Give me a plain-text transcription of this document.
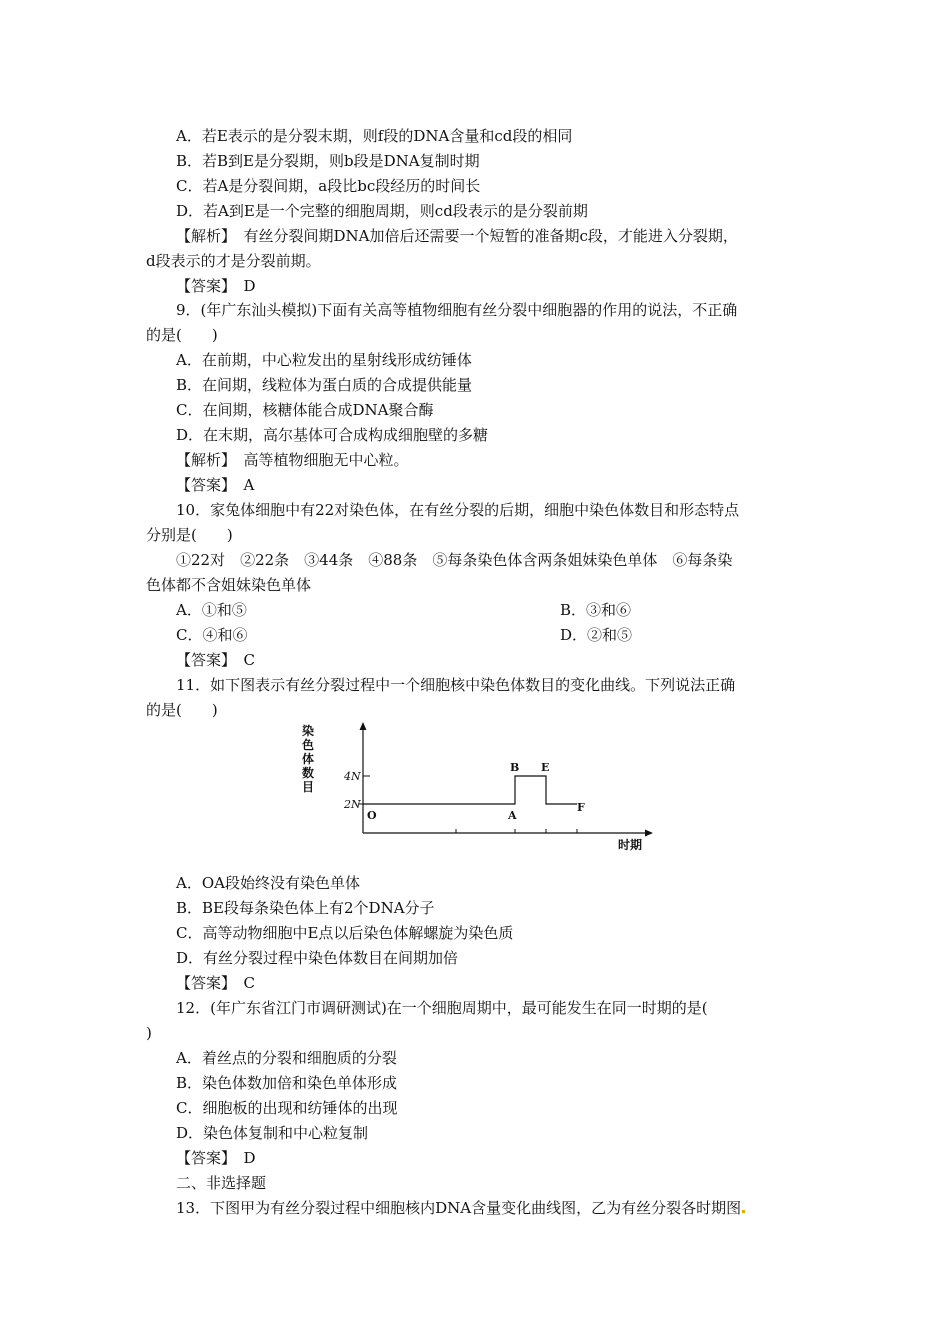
A．若E表示的是分裂末期，则f段的DNA含量和cd段的相同
B．若B到E是分裂期，则b段是DNA复制时期
C．若A是分裂间期，a段比bc段经历的时间长
D．若A到E是一个完整的细胞周期，则cd段表示的是分裂前期
【解析】　有丝分裂间期DNA加倍后还需要一个短暂的准备期c段，才能进入分裂期，
d段表示的才是分裂前期。
【答案】　D
9．(年广东汕头模拟)下面有关高等植物细胞有丝分裂中细胞器的作用的说法，不正确
的是(　　)
A．在前期，中心粒发出的星射线形成纺锤体
B．在间期，线粒体为蛋白质的合成提供能量
C．在间期，核糖体能合成DNA聚合酶
D．在末期，高尔基体可合成构成细胞壁的多糖
【解析】　高等植物细胞无中心粒。
【答案】　A
10．家兔体细胞中有22对染色体，在有丝分裂的后期，细胞中染色体数目和形态特点
分别是(　　)
①22对　②22条　③44条　④88条　⑤每条染色体含两条姐妹染色单体　⑥每条染
色体都不含姐妹染色单体
A．①和⑤	B．③和⑥
C．④和⑥	D．②和⑤
【答案】　C
11．如下图表示有丝分裂过程中一个细胞核中染色体数目的变化曲线。下列说法正确
的是(　　)
染
色
体
数
目
4N
2N
O	A
B E
F
时期
A．OA段始终没有染色单体
B．BE段每条染色体上有2个DNA分子
C．高等动物细胞中E点以后染色体解螺旋为染色质
D．有丝分裂过程中染色体数目在间期加倍
【答案】　C
12．(年广东省江门市调研测试)在一个细胞周期中，最可能发生在同一时期的是(
)
A．着丝点的分裂和细胞质的分裂
B．染色体数加倍和染色单体形成
C．细胞板的出现和纺锤体的出现
D．染色体复制和中心粒复制
【答案】　D
二、非选择题
13．下图甲为有丝分裂过程中细胞核内DNA含量变化曲线图，乙为有丝分裂各时期图
